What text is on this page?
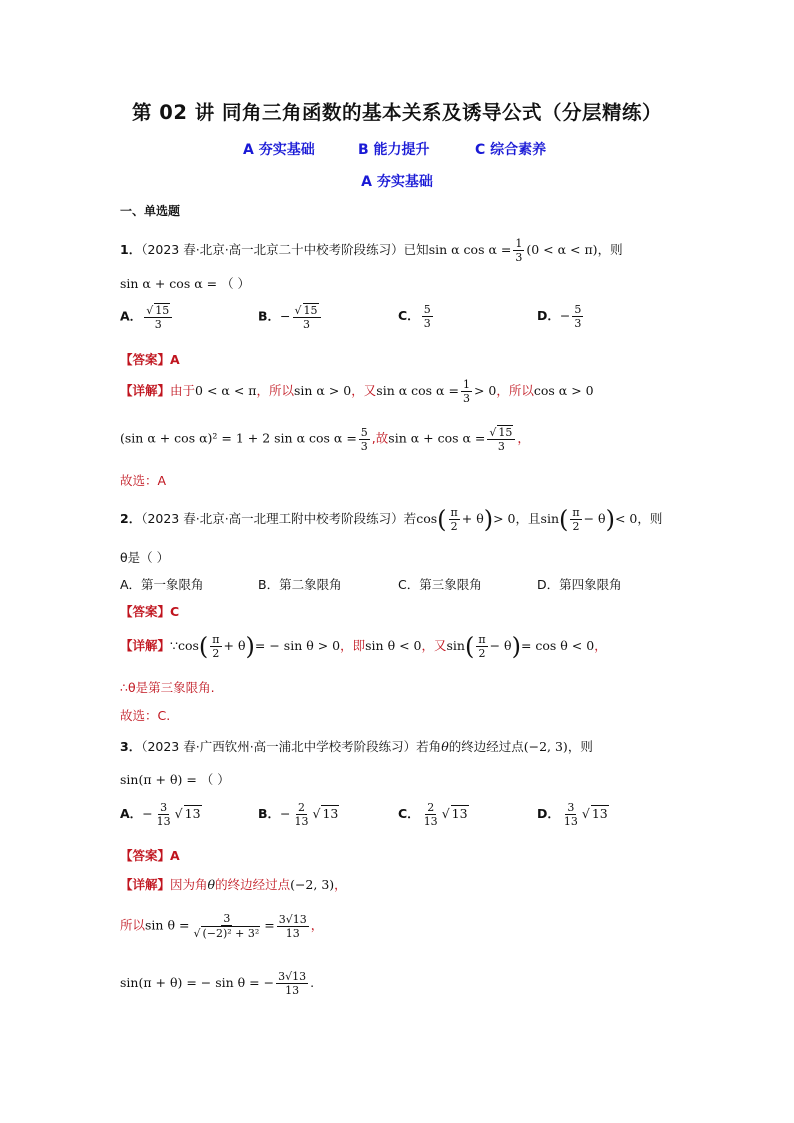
第 02 讲 同角三角函数的基本关系及诱导公式（分层精练）
A 夯实基础	B 能力提升	C 综合素养
A 夯实基础
一、单选题
1．（2023 春·北京·高一北京二十中校考阶段练习）已知sin α $\cos \alpha = \frac{1}{3} (0 < \alpha < \pi)$，则
sin α + cos α = （ ）
A． $\frac{√ 15}{3}$	B．− $\frac{√ 15}{3}$	C． $\frac{5}{3}$	D．− $\frac{5}{3}$
【答案】A
【详解】由于0 < α < π，所以sin α > 0，又sin α $\cos \alpha = \frac{1}{3} > 0$，所以cos α > 0
(sin α + cos α)² = 1 + 2 sin α $\cos \alpha = \frac{5}{3}$ ,故$\sin \alpha + \cos \alpha = \frac{√ 15}{3}$ ，
故选：A
2．（2023 春·北京·高一北理工附中校考阶段练习）若$\cos( \frac{\pi}{2} + \theta)> 0$，且$\sin( \frac{\pi}{2} - \theta)< 0$，则
θ是（ ）
A．第一象限角	B．第二象限角	C．第三象限角	D．第四象限角
【答案】C
【详解】∵cos( $\frac{\pi}{2} + \theta)= - \sin \theta > 0$，即sin θ < 0，又$\sin( \frac{\pi}{2} - \theta)= \cos \theta < 0$，
∴θ是第三象限角.
故选：C.
3．（2023 春·广西钦州·高一浦北中学校考阶段练习）若角θ的终边经过点(−2, 3)，则
sin(π + θ) = （ ）
A．− $\frac{3}{13}$ √ 13	B．− $\frac{2}{13}$ √ 13	C． $\frac{2}{13}$ √ 13	D． $\frac{3}{13}$ √ 13
【答案】A
【详解】因为角θ的终边经过点(−2, 3)，
所以$\sin \theta = \frac{3}{\text{√ (−2)² + 3²}} = \frac{3√13}{13}$ ，
sin(π + θ) = − sin θ = − $\frac{3√13}{13}$ .
